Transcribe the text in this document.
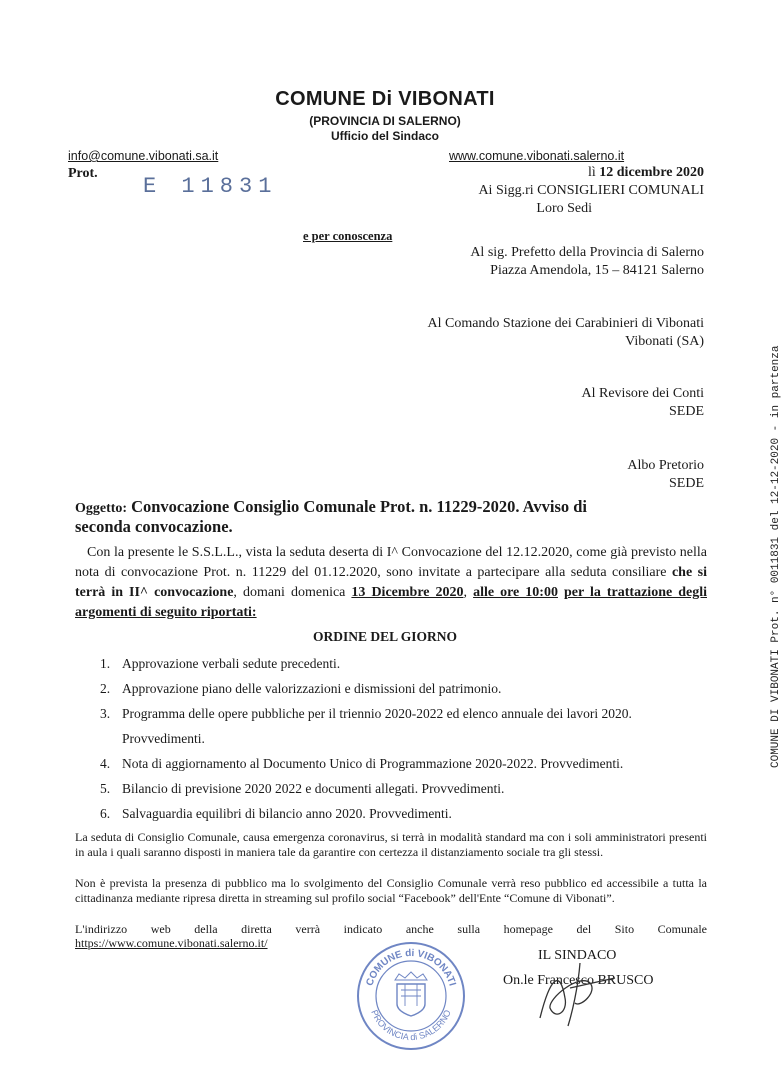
COMUNE Di VIBONATI
(PROVINCIA DI SALERNO)
Ufficio del Sindaco
info@comune.vibonati.sa.it	www.comune.vibonati.salerno.it
Prot.
E 11831
lì 12 dicembre 2020
Ai Sigg.ri CONSIGLIERI COMUNALI
Loro Sedi
e per conoscenza
Al sig. Prefetto della Provincia di Salerno
Piazza Amendola, 15 – 84121 Salerno
Al Comando Stazione dei Carabinieri di Vibonati
Vibonati (SA)
Al Revisore dei Conti
SEDE
Albo Pretorio
SEDE
Oggetto: Convocazione Consiglio Comunale Prot. n. 11229-2020. Avviso di
seconda convocazione.
Con la presente le S.S.L.L., vista la seduta deserta di I^ Convocazione del 12.12.2020, come già previsto nella nota di convocazione Prot. n. 11229 del 01.12.2020, sono invitate a partecipare alla seduta consiliare che si terrà in II^ convocazione, domani domenica 13 Dicembre 2020, alle ore 10:00 per la trattazione degli argomenti di seguito riportati:
ORDINE DEL GIORNO
1. Approvazione verbali sedute precedenti.
2. Approvazione piano delle valorizzazioni e dismissioni del patrimonio.
3. Programma delle opere pubbliche per il triennio 2020-2022 ed elenco annuale dei lavori 2020.
Provvedimenti.
4. Nota di aggiornamento al Documento Unico di Programmazione 2020-2022. Provvedimenti.
5. Bilancio di previsione 2020 2022 e documenti allegati. Provvedimenti.
6. Salvaguardia equilibri di bilancio anno 2020. Provvedimenti.
La seduta di Consiglio Comunale, causa emergenza coronavirus, si terrà in modalità standard ma con i soli amministratori presenti in aula i quali saranno disposti in maniera tale da garantire con certezza il distanziamento sociale tra gli stessi.
Non è prevista la presenza di pubblico ma lo svolgimento del Consiglio Comunale verrà reso pubblico ed accessibile a tutta la cittadinanza mediante ripresa diretta in streaming sul profilo social “Facebook” dell'Ente “Comune di Vibonati”.
L'indirizzo web della diretta verrà indicato anche sulla homepage del Sito Comunale
https://www.comune.vibonati.salerno.it/
IL SINDACO
On.le Francesco BRUSCO
COMUNE di VIBONATI
PROVINCIA di SALERNO
COMUNE DI VIBONATI Prot. n° 0011831 del 12-12-2020 - in partenza
